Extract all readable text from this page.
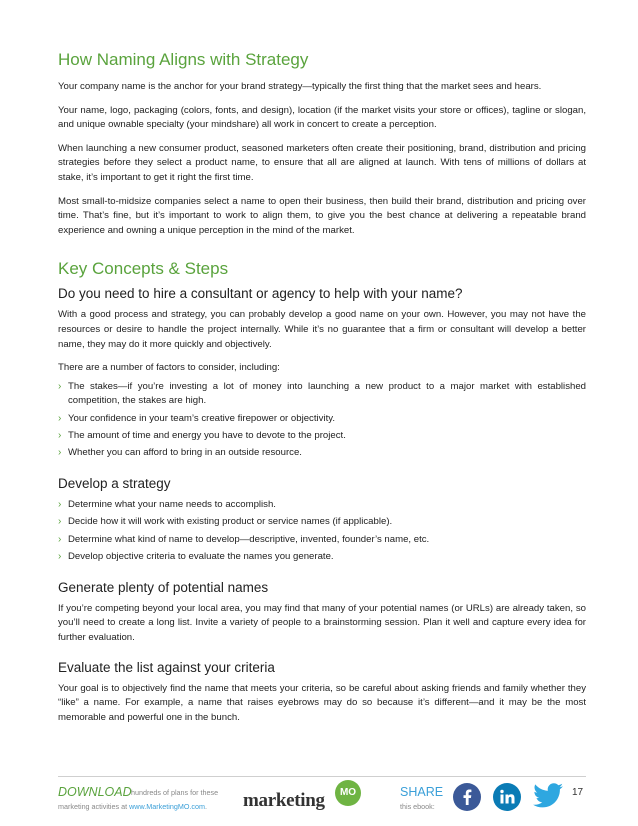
How Naming Aligns with Strategy

Your company name is the anchor for your brand strategy—typically the first thing that the market sees and hears.

Your name, logo, packaging (colors, fonts, and design), location (if the market visits your store or offices), tagline or slogan, and unique ownable specialty (your mindshare) all work in concert to create a perception.

When launching a new consumer product, seasoned marketers often create their positioning, brand, distribution and pricing strategies before they select a product name, to ensure that all are aligned at launch. With tens of millions of dollars at stake, it’s important to get it right the first time.

Most small-to-midsize companies select a name to open their business, then build their brand, distribution and pricing over time. That’s fine, but it’s important to work to align them, to give you the best chance at delivering a repeatable brand experience and owning a unique perception in the mind of the market.

Key Concepts & Steps
Do you need to hire a consultant or agency to help with your name?

With a good process and strategy, you can probably develop a good name on your own. However, you may not have the resources or desire to handle the project internally. While it’s no guarantee that a firm or consultant will develop a better name, they may do it more quickly and objectively.

There are a number of factors to consider, including:

› The stakes—if you’re investing a lot of money into launching a new product to a major market with established competition, the stakes are high.
› Your confidence in your team’s creative firepower or objectivity.
› The amount of time and energy you have to devote to the project.
› Whether you can afford to bring in an outside resource.
Develop a strategy
› Determine what your name needs to accomplish.
› Decide how it will work with existing product or service names (if applicable).
› Determine what kind of name to develop—descriptive, invented, founder’s name, etc.
› Develop objective criteria to evaluate the names you generate.
Generate plenty of potential names

If you’re competing beyond your local area, you may find that many of your potential names (or URLs) are already taken, so you’ll need to create a long list. Invite a variety of people to a brainstorming session. Plan it well and capture every idea for further evaluation.

Evaluate the list against your criteria

Your goal is to objectively find the name that meets your criteria, so be careful about asking friends and family whether they “like” a name. For example, a name that raises eyebrows may do so because it’s different—and it may be the most memorable and powerful one in the bunch.

DOWNLOAD hundreds of plans for these
marketing activities at www.MarketingMO.com. marketing	MO	SHARE
this ebook:
17
